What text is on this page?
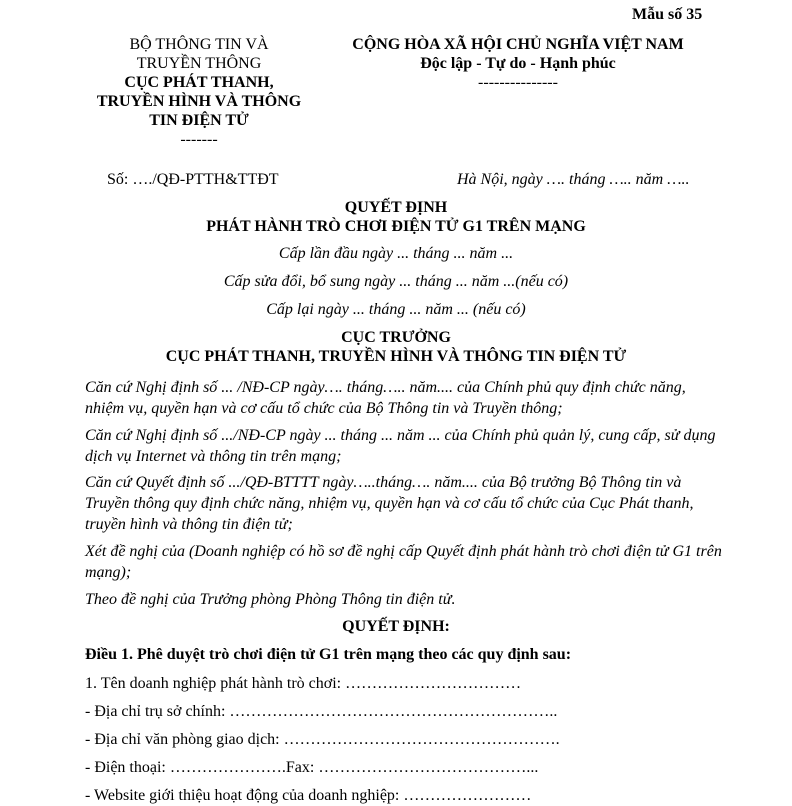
Mẫu số 35
BỘ THÔNG TIN VÀ
TRUYỀN THÔNG
CỤC PHÁT THANH,
TRUYỀN HÌNH VÀ THÔNG
TIN ĐIỆN TỬ
-------
CỘNG HÒA XÃ HỘI CHỦ NGHĨA VIỆT NAM
Độc lập - Tự do - Hạnh phúc
---------------
Số: …./QĐ-PTTH&TTĐT	Hà Nội, ngày …. tháng ….. năm …..
QUYẾT ĐỊNH
PHÁT HÀNH TRÒ CHƠI ĐIỆN TỬ G1 TRÊN MẠNG
Cấp lần đầu ngày ... tháng ... năm ...
Cấp sửa đổi, bổ sung ngày ... tháng ... năm ...(nếu có)
Cấp lại ngày ... tháng ... năm ... (nếu có)
CỤC TRƯỞNG
CỤC PHÁT THANH, TRUYỀN HÌNH VÀ THÔNG TIN ĐIỆN TỬ
Căn cứ Nghị định số ... /NĐ-CP ngày…. tháng….. năm.... của Chính phủ quy định chức năng, nhiệm vụ, quyền hạn và cơ cấu tổ chức của Bộ Thông tin và Truyền thông;
Căn cứ Nghị định số .../NĐ-CP ngày ... tháng ... năm ... của Chính phủ quản lý, cung cấp, sử dụng dịch vụ Internet và thông tin trên mạng;
Căn cứ Quyết định số .../QĐ-BTTTT ngày…..tháng…. năm.... của Bộ trưởng Bộ Thông tin và Truyền thông quy định chức năng, nhiệm vụ, quyền hạn và cơ cấu tổ chức của Cục Phát thanh, truyền hình và thông tin điện tử;
Xét đề nghị của (Doanh nghiệp có hồ sơ đề nghị cấp Quyết định phát hành trò chơi điện tử G1 trên mạng);
Theo đề nghị của Trưởng phòng Phòng Thông tin điện tử.
QUYẾT ĐỊNH:
Điều 1. Phê duyệt trò chơi điện tử G1 trên mạng theo các quy định sau:
1. Tên doanh nghiệp phát hành trò chơi: ……………………………
- Địa chỉ trụ sở chính: ……………………………………………………..
- Địa chỉ văn phòng giao dịch: …………………………………………….
- Điện thoại: ………………….Fax: …………………………………...
- Website giới thiệu hoạt động của doanh nghiệp: ……………………
